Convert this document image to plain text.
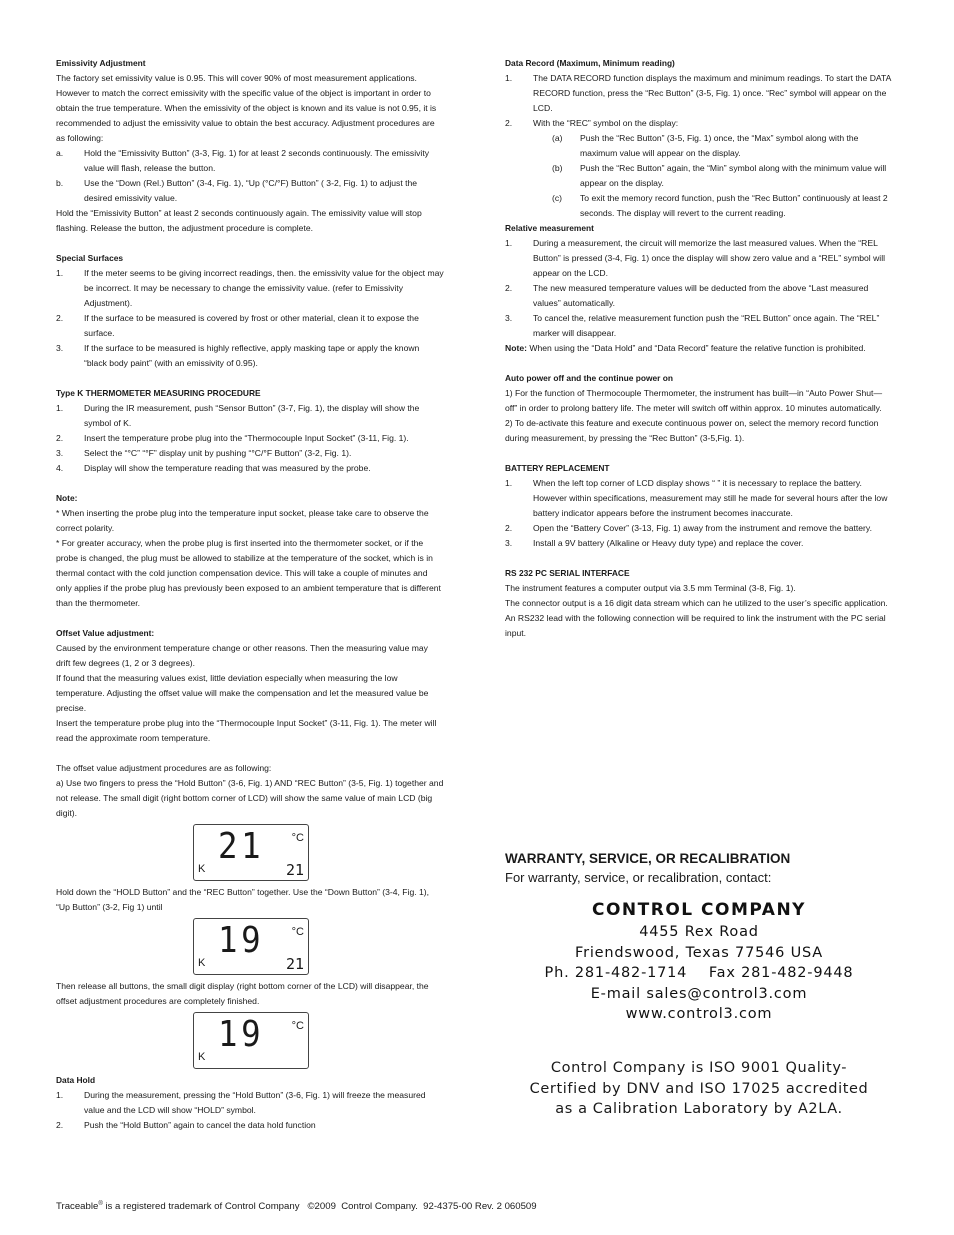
Emissivity Adjustment

The factory set emissivity value is 0.95. This will cover 90% of most measurement applications. However to match the correct emissivity with the specific value of the object is important in order to obtain the true temperature. When the emissivity of the object is known and its value is not 0.95, it is recommended to adjust the emissivity value to obtain the best accuracy. Adjustment procedures are as following:

a. Hold the “Emissivity Button” (3-3, Fig. 1) for at least 2 seconds continuously. The emissivity value will flash, release the button.
b. Use the “Down (Rel.) Button” (3-4, Fig. 1), “Up (°C/°F) Button” ( 3-2, Fig. 1) to adjust the desired emissivity value.

Hold the “Emissivity Button” at least 2 seconds continuously again. The emissivity value will stop flashing. Release the button, the adjustment procedure is complete.

Special Surfaces

1. If the meter seems to be giving incorrect readings, then. the emissivity value for the object may be incorrect. It may be necessary to change the emissivity value. (refer to Emissivity Adjustment).
2. If the surface to be measured is covered by frost or other material, clean it to expose the surface.
3. If the surface to be measured is highly reflective, apply masking tape or apply the known “black body paint” (with an emissivity of 0.95).

Type K THERMOMETER MEASURING PROCEDURE

1. During the IR measurement, push “Sensor Button” (3-7, Fig. 1), the display will show the symbol of K.
2. Insert the temperature probe plug into the “Thermocouple Input Socket” (3-11, Fig. 1).
3. Select the “°C” “°F” display unit by pushing “°C/°F Button” (3-2, Fig. 1).
4. Display will show the temperature reading that was measured by the probe.

Note:

* When inserting the probe plug into the temperature input socket, please take care to observe the correct polarity.

* For greater accuracy, when the probe plug is first inserted into the thermometer socket, or if the probe is changed, the plug must be allowed to stabilize at the temperature of the socket, which is in thermal contact with the cold junction compensation device. This will take a couple of minutes and only applies if the probe plug has previously been exposed to an ambient temperature that is different than the thermometer.

Offset Value adjustment:

Caused by the environment temperature change or other reasons. Then the measuring value may drift few degrees (1, 2 or 3 degrees).

If found that the measuring values exist, little deviation especially when measuring the low temperature. Adjusting the offset value will make the compensation and let the measured value be precise.

Insert the temperature probe plug into the “Thermocouple Input Socket” (3-11, Fig. 1). The meter will read the approximate room temperature.

The offset value adjustment procedures are as following:

a) Use two fingers to press the “Hold Button” (3-6, Fig. 1) AND “REC Button” (3-5, Fig. 1) together and not release. The small digit (right bottom corner of LCD) will show the same value of main LCD (big digit).

21 °C
K	21

Hold down the “HOLD Button” and the “REC Button” together. Use the “Down Button” (3-4, Fig. 1), “Up Button” (3-2, Fig 1) until

19 °C
K	21

Then release all buttons, the small digit display (right bottom corner of the LCD) will disappear, the offset adjustment procedures are completely finished.

19 °C
K

Data Hold

1. During the measurement, pressing the “Hold Button” (3-6, Fig. 1) will freeze the measured value and the LCD will show “HOLD” symbol.
2. Push the “Hold Button” again to cancel the data hold function

Data Record (Maximum, Minimum reading)

1. The DATA RECORD function displays the maximum and minimum readings. To start the DATA RECORD function, press the “Rec Button” (3-5, Fig. 1) once. “Rec” symbol will appear on the LCD.
2. With the “REC” symbol on the display:
(a) Push the “Rec Button” (3-5, Fig. 1) once, the “Max” symbol along with the maximum value will appear on the display.
(b) Push the “Rec Button” again, the “Min” symbol along with the minimum value will appear on the display.
(c) To exit the memory record function, push the “Rec Button” continuously at least 2 seconds. The display will revert to the current reading.

Relative measurement

1. During a measurement, the circuit will memorize the last measured values. When the “REL Button” is pressed (3-4, Fig. 1) once the display will show zero value and a “REL” symbol will appear on the LCD.
2. The new measured temperature values will be deducted from the above “Last measured values” automatically.
3. To cancel the, relative measurement function push the “REL Button” once again. The “REL” marker will disappear.

Note: When using the “Data Hold” and “Data Record” feature the relative function is prohibited.

Auto power off and the continue power on

1) For the function of Thermocouple Thermometer, the instrument has built—in “Auto Power Shut—off” in order to prolong battery life. The meter will switch off within approx. 10 minutes automatically.

2) To de-activate this feature and execute continuous power on, select the memory record function during measurement, by pressing the “Rec Button” (3-5,Fig. 1).

BATTERY REPLACEMENT

1. When the left top corner of LCD display shows “ ” it is necessary to replace the battery. However within specifications, measurement may still he made for several hours after the low battery indicator appears before the instrument becomes inaccurate.
2. Open the “Battery Cover” (3-13, Fig. 1) away from the instrument and remove the battery.
3. Install a 9V battery (Alkaline or Heavy duty type) and replace the cover.

RS 232 PC SERIAL INTERFACE

The instrument features a computer output via 3.5 mm Terminal (3-8, Fig. 1).

The connector output is a 16 digit data stream which can he utilized to the user’s specific application. An RS232 lead with the following connection will be required to link the instrument with the PC serial input.

WARRANTY, SERVICE, OR RECALIBRATION
For warranty, service, or recalibration, contact:
CONTROL COMPANY
4455 Rex Road
Friendswood, Texas 77546 USA
Ph. 281-482-1714    Fax 281-482-9448
E-mail sales@control3.com
www.control3.com
Control Company is ISO 9001 Quality-
Certified by DNV and ISO 17025 accredited
as a Calibration Laboratory by A2LA.
Traceable® is a registered trademark of Control Company   ©2009  Control Company.  92-4375-00 Rev. 2 060509
